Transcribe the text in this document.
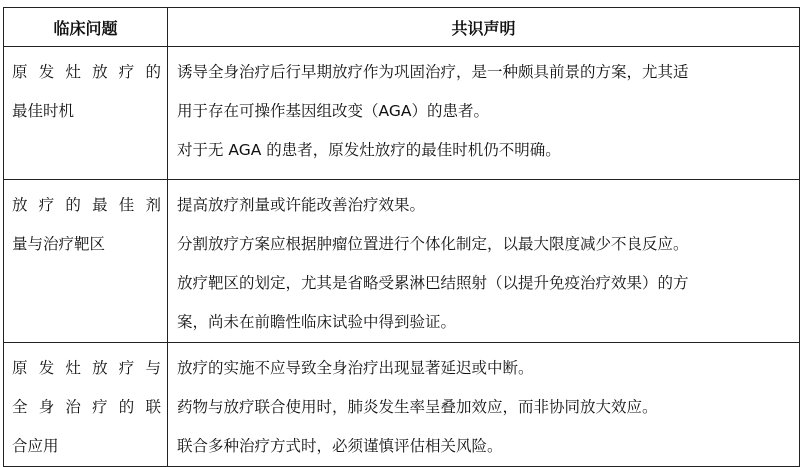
临床问题	共识声明

原发灶放疗的
最佳时机	诱导全身治疗后行早期放疗作为巩固治疗，是一种颇具前景的方案，尤其适
用于存在可操作基因组改变（AGA）的患者。
对于无 AGA 的患者，原发灶放疗的最佳时机仍不明确。

放疗的最佳剂
量与治疗靶区	提高放疗剂量或许能改善治疗效果。
分割放疗方案应根据肿瘤位置进行个体化制定，以最大限度减少不良反应。
放疗靶区的划定，尤其是省略受累淋巴结照射（以提升免疫治疗效果）的方
案，尚未在前瞻性临床试验中得到验证。

原发灶放疗与
全身治疗的联
合应用	放疗的实施不应导致全身治疗出现显著延迟或中断。
药物与放疗联合使用时，肺炎发生率呈叠加效应，而非协同放大效应。
联合多种治疗方式时，必须谨慎评估相关风险。
